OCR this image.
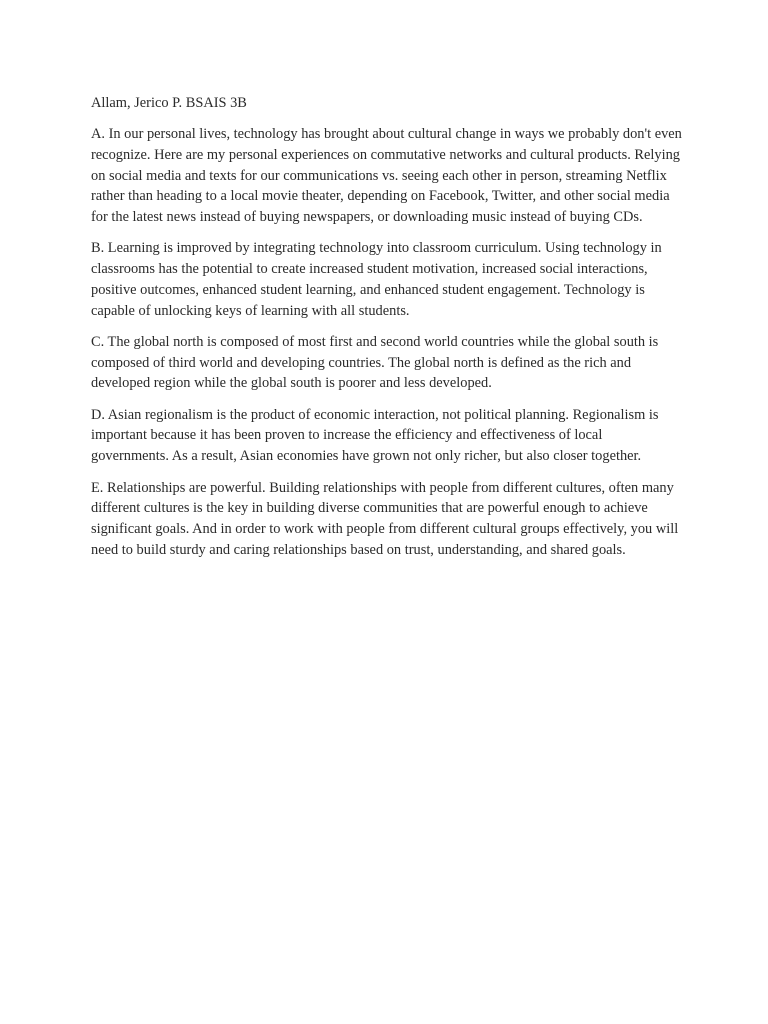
Allam, Jerico P. BSAIS 3B

A. In our personal lives, technology has brought about cultural change in ways we probably don't even recognize. Here are my personal experiences on commutative networks and cultural products. Relying on social media and texts for our communications vs. seeing each other in person, streaming Netflix rather than heading to a local movie theater, depending on Facebook, Twitter, and other social media for the latest news instead of buying newspapers, or downloading music instead of buying CDs.

B. Learning is improved by integrating technology into classroom curriculum. Using technology in classrooms has the potential to create increased student motivation, increased social interactions, positive outcomes, enhanced student learning, and enhanced student engagement. Technology is capable of unlocking keys of learning with all students.

C. The global north is composed of most first and second world countries while the global south is composed of third world and developing countries. The global north is defined as the rich and developed region while the global south is poorer and less developed.

D. Asian regionalism is the product of economic interaction, not political planning. Regionalism is important because it has been proven to increase the efficiency and effectiveness of local governments. As a result, Asian economies have grown not only richer, but also closer together.

E. Relationships are powerful. Building relationships with people from different cultures, often many different cultures is the key in building diverse communities that are powerful enough to achieve significant goals. And in order to work with people from different cultural groups effectively, you will need to build sturdy and caring relationships based on trust, understanding, and shared goals.
